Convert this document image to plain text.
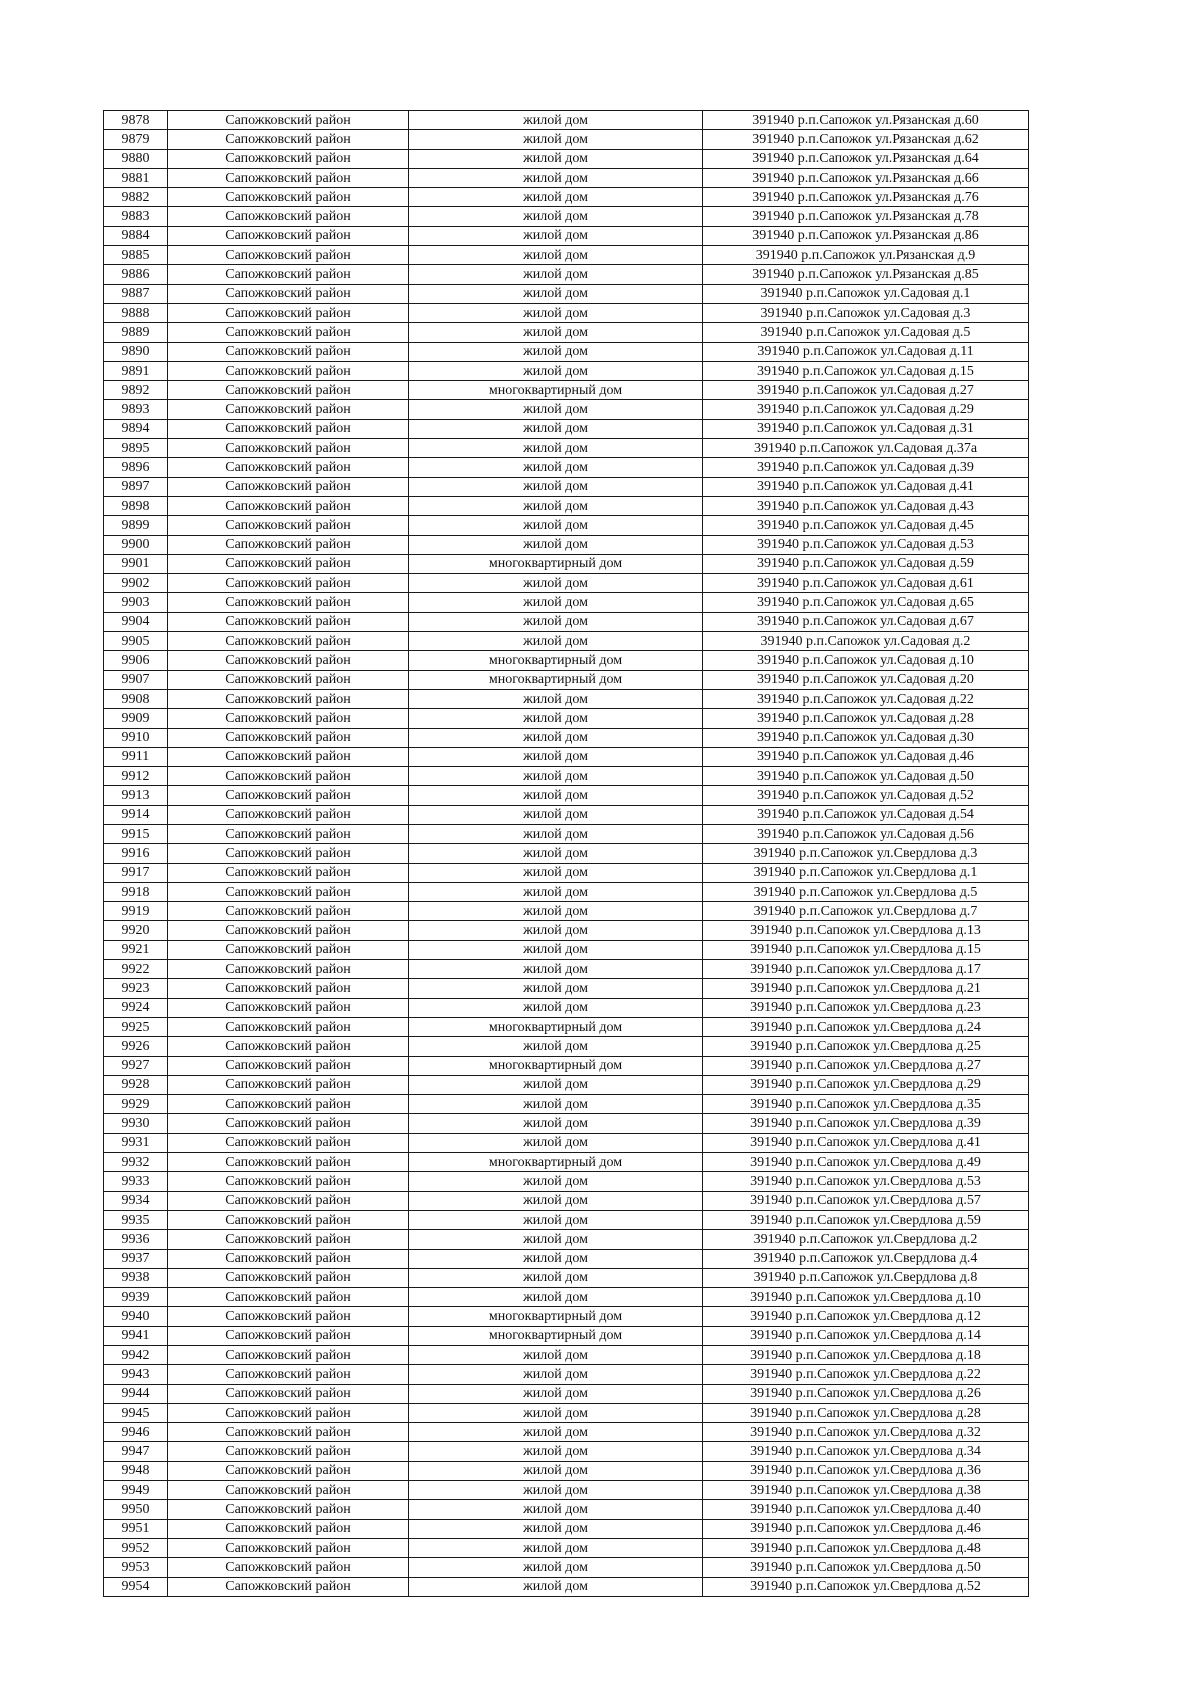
9878	Сапожковский район	жилой дом	391940 р.п.Сапожок ул.Рязанская д.60
9879	Сапожковский район	жилой дом	391940 р.п.Сапожок ул.Рязанская д.62
9880	Сапожковский район	жилой дом	391940 р.п.Сапожок ул.Рязанская д.64
9881	Сапожковский район	жилой дом	391940 р.п.Сапожок ул.Рязанская д.66
9882	Сапожковский район	жилой дом	391940 р.п.Сапожок ул.Рязанская д.76
9883	Сапожковский район	жилой дом	391940 р.п.Сапожок ул.Рязанская д.78
9884	Сапожковский район	жилой дом	391940 р.п.Сапожок ул.Рязанская д.86
9885	Сапожковский район	жилой дом	391940 р.п.Сапожок ул.Рязанская д.9
9886	Сапожковский район	жилой дом	391940 р.п.Сапожок ул.Рязанская д.85
9887	Сапожковский район	жилой дом	391940 р.п.Сапожок ул.Садовая д.1
9888	Сапожковский район	жилой дом	391940 р.п.Сапожок ул.Садовая д.3
9889	Сапожковский район	жилой дом	391940 р.п.Сапожок ул.Садовая д.5
9890	Сапожковский район	жилой дом	391940 р.п.Сапожок ул.Садовая д.11
9891	Сапожковский район	жилой дом	391940 р.п.Сапожок ул.Садовая д.15
9892	Сапожковский район	многоквартирный дом	391940 р.п.Сапожок ул.Садовая д.27
9893	Сапожковский район	жилой дом	391940 р.п.Сапожок ул.Садовая д.29
9894	Сапожковский район	жилой дом	391940 р.п.Сапожок ул.Садовая д.31
9895	Сапожковский район	жилой дом	391940 р.п.Сапожок ул.Садовая д.37а
9896	Сапожковский район	жилой дом	391940 р.п.Сапожок ул.Садовая д.39
9897	Сапожковский район	жилой дом	391940 р.п.Сапожок ул.Садовая д.41
9898	Сапожковский район	жилой дом	391940 р.п.Сапожок ул.Садовая д.43
9899	Сапожковский район	жилой дом	391940 р.п.Сапожок ул.Садовая д.45
9900	Сапожковский район	жилой дом	391940 р.п.Сапожок ул.Садовая д.53
9901	Сапожковский район	многоквартирный дом	391940 р.п.Сапожок ул.Садовая д.59
9902	Сапожковский район	жилой дом	391940 р.п.Сапожок ул.Садовая д.61
9903	Сапожковский район	жилой дом	391940 р.п.Сапожок ул.Садовая д.65
9904	Сапожковский район	жилой дом	391940 р.п.Сапожок ул.Садовая д.67
9905	Сапожковский район	жилой дом	391940 р.п.Сапожок ул.Садовая д.2
9906	Сапожковский район	многоквартирный дом	391940 р.п.Сапожок ул.Садовая д.10
9907	Сапожковский район	многоквартирный дом	391940 р.п.Сапожок ул.Садовая д.20
9908	Сапожковский район	жилой дом	391940 р.п.Сапожок ул.Садовая д.22
9909	Сапожковский район	жилой дом	391940 р.п.Сапожок ул.Садовая д.28
9910	Сапожковский район	жилой дом	391940 р.п.Сапожок ул.Садовая д.30
9911	Сапожковский район	жилой дом	391940 р.п.Сапожок ул.Садовая д.46
9912	Сапожковский район	жилой дом	391940 р.п.Сапожок ул.Садовая д.50
9913	Сапожковский район	жилой дом	391940 р.п.Сапожок ул.Садовая д.52
9914	Сапожковский район	жилой дом	391940 р.п.Сапожок ул.Садовая д.54
9915	Сапожковский район	жилой дом	391940 р.п.Сапожок ул.Садовая д.56
9916	Сапожковский район	жилой дом	391940 р.п.Сапожок ул.Свердлова д.3
9917	Сапожковский район	жилой дом	391940 р.п.Сапожок ул.Свердлова д.1
9918	Сапожковский район	жилой дом	391940 р.п.Сапожок ул.Свердлова д.5
9919	Сапожковский район	жилой дом	391940 р.п.Сапожок ул.Свердлова д.7
9920	Сапожковский район	жилой дом	391940 р.п.Сапожок ул.Свердлова д.13
9921	Сапожковский район	жилой дом	391940 р.п.Сапожок ул.Свердлова д.15
9922	Сапожковский район	жилой дом	391940 р.п.Сапожок ул.Свердлова д.17
9923	Сапожковский район	жилой дом	391940 р.п.Сапожок ул.Свердлова д.21
9924	Сапожковский район	жилой дом	391940 р.п.Сапожок ул.Свердлова д.23
9925	Сапожковский район	многоквартирный дом	391940 р.п.Сапожок ул.Свердлова д.24
9926	Сапожковский район	жилой дом	391940 р.п.Сапожок ул.Свердлова д.25
9927	Сапожковский район	многоквартирный дом	391940 р.п.Сапожок ул.Свердлова д.27
9928	Сапожковский район	жилой дом	391940 р.п.Сапожок ул.Свердлова д.29
9929	Сапожковский район	жилой дом	391940 р.п.Сапожок ул.Свердлова д.35
9930	Сапожковский район	жилой дом	391940 р.п.Сапожок ул.Свердлова д.39
9931	Сапожковский район	жилой дом	391940 р.п.Сапожок ул.Свердлова д.41
9932	Сапожковский район	многоквартирный дом	391940 р.п.Сапожок ул.Свердлова д.49
9933	Сапожковский район	жилой дом	391940 р.п.Сапожок ул.Свердлова д.53
9934	Сапожковский район	жилой дом	391940 р.п.Сапожок ул.Свердлова д.57
9935	Сапожковский район	жилой дом	391940 р.п.Сапожок ул.Свердлова д.59
9936	Сапожковский район	жилой дом	391940 р.п.Сапожок ул.Свердлова д.2
9937	Сапожковский район	жилой дом	391940 р.п.Сапожок ул.Свердлова д.4
9938	Сапожковский район	жилой дом	391940 р.п.Сапожок ул.Свердлова д.8
9939	Сапожковский район	жилой дом	391940 р.п.Сапожок ул.Свердлова д.10
9940	Сапожковский район	многоквартирный дом	391940 р.п.Сапожок ул.Свердлова д.12
9941	Сапожковский район	многоквартирный дом	391940 р.п.Сапожок ул.Свердлова д.14
9942	Сапожковский район	жилой дом	391940 р.п.Сапожок ул.Свердлова д.18
9943	Сапожковский район	жилой дом	391940 р.п.Сапожок ул.Свердлова д.22
9944	Сапожковский район	жилой дом	391940 р.п.Сапожок ул.Свердлова д.26
9945	Сапожковский район	жилой дом	391940 р.п.Сапожок ул.Свердлова д.28
9946	Сапожковский район	жилой дом	391940 р.п.Сапожок ул.Свердлова д.32
9947	Сапожковский район	жилой дом	391940 р.п.Сапожок ул.Свердлова д.34
9948	Сапожковский район	жилой дом	391940 р.п.Сапожок ул.Свердлова д.36
9949	Сапожковский район	жилой дом	391940 р.п.Сапожок ул.Свердлова д.38
9950	Сапожковский район	жилой дом	391940 р.п.Сапожок ул.Свердлова д.40
9951	Сапожковский район	жилой дом	391940 р.п.Сапожок ул.Свердлова д.46
9952	Сапожковский район	жилой дом	391940 р.п.Сапожок ул.Свердлова д.48
9953	Сапожковский район	жилой дом	391940 р.п.Сапожок ул.Свердлова д.50
9954	Сапожковский район	жилой дом	391940 р.п.Сапожок ул.Свердлова д.52
